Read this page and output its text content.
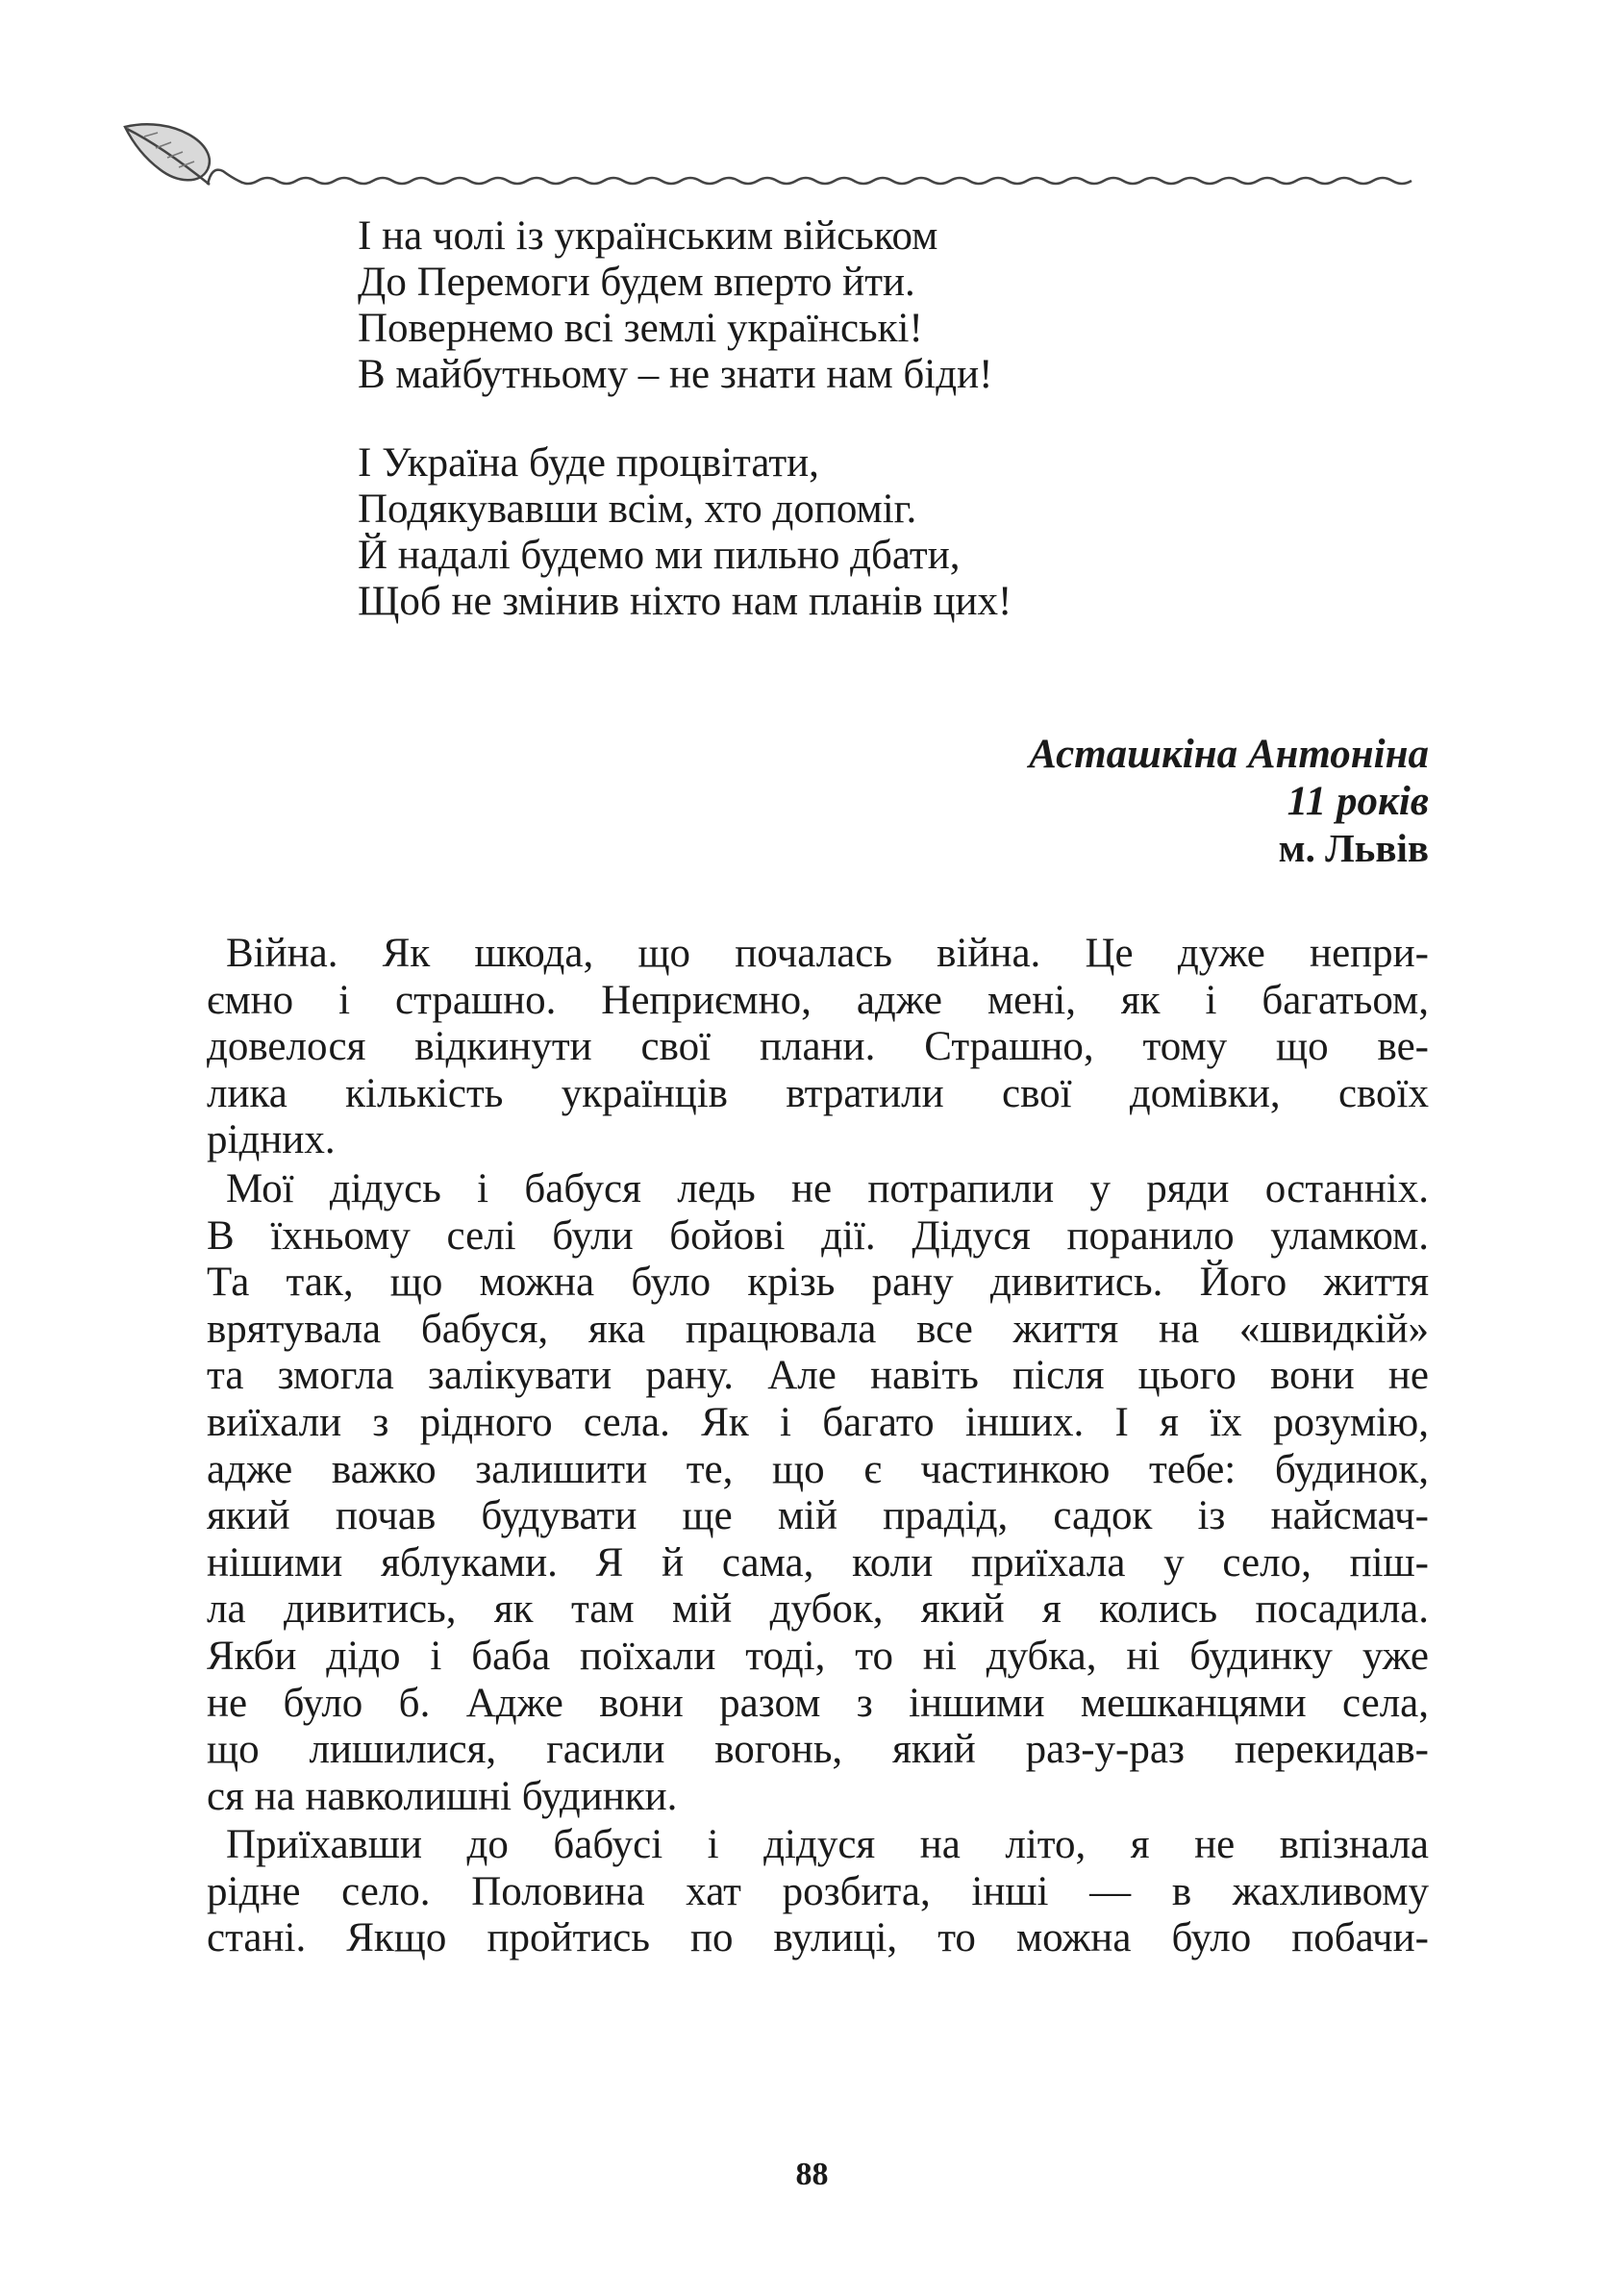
І на чолі із українським військом
До Перемоги будем вперто йти.
Повернемо всі землі українські!
В майбутньому – не знати нам біди!
І Україна буде процвітати,
Подякувавши всім, хто допоміг.
Й надалі будемо ми пильно дбати,
Щоб не змінив ніхто нам планів цих!
Асташкіна Антоніна
11 років
м. Львів
Війна. Як шкода, що почалась війна. Це дуже непри-
ємно і страшно. Неприємно, адже мені, як і багатьом,
довелося відкинути свої плани. Страшно, тому що ве-
лика кількість українців втратили свої домівки, своїх
рідних.
Мої дідусь і бабуся ледь не потрапили у ряди останніх.
В їхньому селі були бойові дії. Дідуся поранило уламком.
Та так, що можна було крізь рану дивитись. Його життя
врятувала бабуся, яка працювала все життя на «швидкій»
та змогла залікувати рану. Але навіть після цього вони не
виїхали з рідного села. Як і багато інших. І я їх розумію,
адже важко залишити те, що є частинкою тебе: будинок,
який почав будувати ще мій прадід, садок із найсмач-
нішими яблуками. Я й сама, коли приїхала у село, піш-
ла дивитись, як там мій дубок, який я колись посадила.
Якби дідо і баба поїхали тоді, то ні дубка, ні будинку уже
не було б. Адже вони разом з іншими мешканцями села,
що лишилися, гасили вогонь, який раз-у-раз перекидав-
ся на навколишні будинки.
Приїхавши до бабусі і дідуся на літо, я не впізнала
рідне село. Половина хат розбита, інші — в жахливому
стані. Якщо пройтись по вулиці, то можна було побачи-
88
